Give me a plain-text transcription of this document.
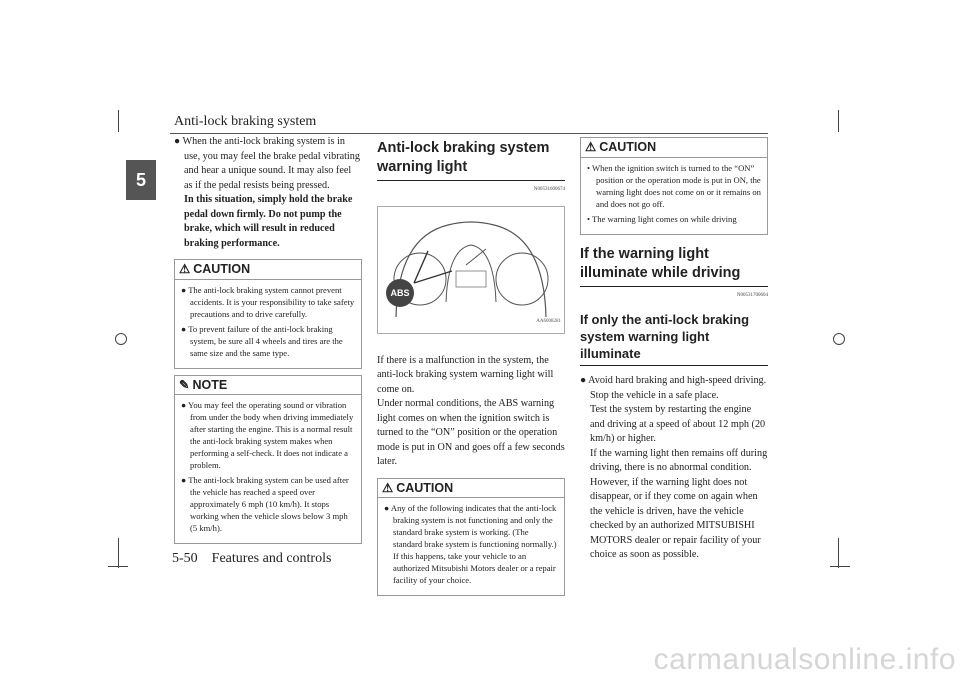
Anti-lock braking system
5

● When the anti-lock braking system is in use, you may feel the brake pedal vibrating and hear a unique sound. It may also feel as if the pedal resists being pressed.

In this situation, simply hold the brake pedal down firmly. Do not pump the brake, which will result in reduced braking performance.

⚠ CAUTION

● The anti-lock braking system cannot prevent accidents. It is your responsibility to take safety precautions and to drive carefully.

● To prevent failure of the anti-lock braking system, be sure all 4 wheels and tires are the same size and the same type.

✎ NOTE

● You may feel the operating sound or vibration from under the body when driving immediately after starting the engine. This is a normal result the anti-lock braking system makes when performing a self-check. It does not indicate a problem.

● The anti-lock braking system can be used after the vehicle has reached a speed over approximately 6 mph (10 km/h). It stops working when the vehicle slows below 3 mph (5 km/h).

Anti-lock braking system warning light
N00531600674
ABS
AA6008281

If there is a malfunction in the system, the anti-lock braking system warning light will come on.

Under normal conditions, the ABS warning light comes on when the ignition switch is turned to the “ON” position or the operation mode is put in ON and goes off a few seconds later.

⚠ CAUTION

● Any of the following indicates that the anti-lock braking system is not functioning and only the standard brake system is working. (The standard brake system is functioning normally.) If this happens, take your vehicle to an authorized Mitsubishi Motors dealer or a repair facility of your choice.

⚠ CAUTION

• When the ignition switch is turned to the “ON” position or the operation mode is put in ON, the warning light does not come on or it remains on and does not go off.

• The warning light comes on while driving

If the warning light illuminate while driving
N00531700604
If only the anti-lock braking system warning light illuminate

● Avoid hard braking and high-speed driving. Stop the vehicle in a safe place.

Test the system by restarting the engine and driving at a speed of about 12 mph (20 km/h) or higher.

If the warning light then remains off during driving, there is no abnormal condition.

However, if the warning light does not disappear, or if they come on again when the vehicle is driven, have the vehicle checked by an authorized MITSUBISHI MOTORS dealer or repair facility of your choice as soon as possible.

5-50 Features and controls
carmanualsonline.info
